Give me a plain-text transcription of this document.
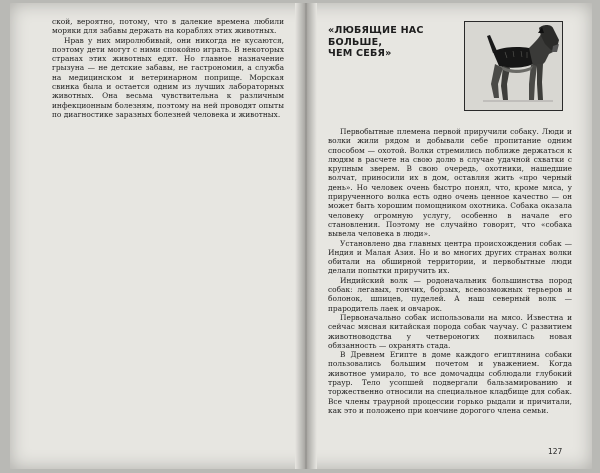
ской, вероятно, потому, что в далекие времена любили моряки для забавы держать на кораблях этих животных.

Нрав у них миролюбивый, они никогда не кусаются, поэтому дети могут с ними спокойно играть. В некоторых странах этих животных едят. Но главное назначение грызуна — не детские забавы, не гастрономия, а служба на медицинском и ветеринарном поприще. Морская свинка была и остается одним из лучших лабораторных животных. Она весьма чувствительна к различным инфекционным болезням, поэтому на ней проводят опыты по диагностике заразных болезней человека и животных.

«ЛЮБЯЩИЕ НАС
БОЛЬШЕ,
ЧЕМ СЕБЯ»

Первобытные племена первой приручили собаку. Люди и волки жили рядом и добывали себе пропитание одним способом — охотой. Волки стремились поближе держаться к людям в расчете на свою долю в случае удачной схватки с крупным зверем. В свою очередь, охотники, нашедшие волчат, приносили их в дом, оставляя жить «про черный день». Но человек очень быстро понял, что, кроме мяса, у прирученного волка есть одно очень ценное качество — он может быть хорошим помощником охотника. Собака оказала человеку огромную услугу, особенно в начале его становления. Поэтому не случайно говорят, что «собака вывела человека в люди».

Установлено два главных центра происхождения собак — Индия и Малая Азия. Но и во многих других странах волки обитали на обширной территории, и первобытные люди делали попытки приручить их.

Индийский волк — родоначальник большинства пород собак: легавых, гончих, борзых, всевозможных терьеров и болонок, шпицев, пуделей. А наш северный волк — прародитель лаек и овчарок.

Первоначально собак использовали на мясо. Известна и сейчас мясная китайская порода собак чаучау. С развитием животноводства у четвероногих появилась новая обязанность — охранять стада.

В Древнем Египте в доме каждого египтянина собаки пользовались большим почетом и уважением. Когда животное умирало, то все домочадцы соблюдали глубокий траур. Тело усопшей подвергали бальзамированию и торжественно относили на специальное кладбище для собак. Все члены траурной процессии горько рыдали и причитали, как это и положено при кончине дорогого члена семьи.

127
